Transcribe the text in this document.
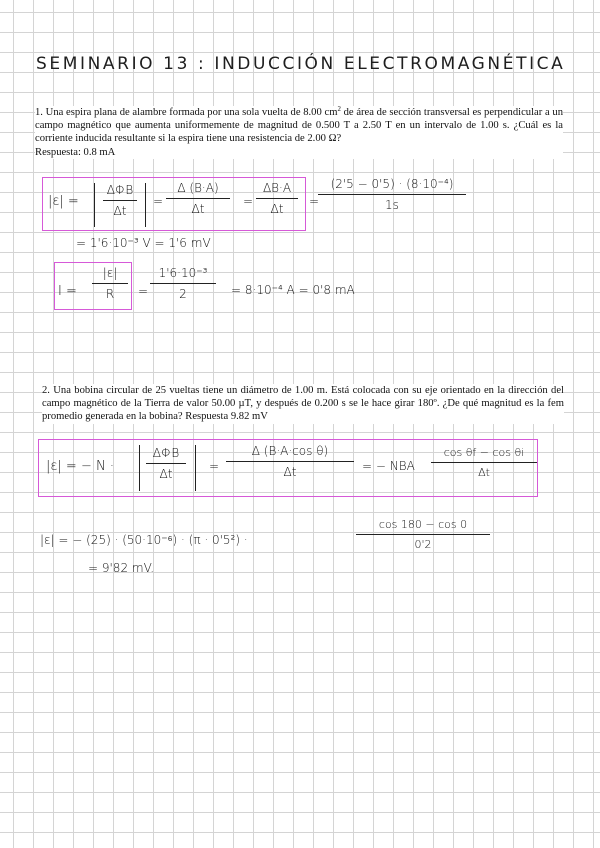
SEMINARIO 13 : INDUCCIÓN ELECTROMAGNÉTICA
1. Una espira plana de alambre formada por una sola vuelta de 8.00 $cm^2$ de área de sección transversal es perpendicular a un campo magnético que aumenta uniformemente de magnitud de 0.500 T a 2.50 T en un intervalo de 1.00 s. ¿Cuál es la corriente inducida resultante si la espira tiene una resistencia de 2.00 Ω?
Respuesta: 0.8 mA
|ε| =
ΔΦB
Δt
=
Δ (B·A)
Δt
=
ΔB·A
Δt
=
(2'5 − 0'5) · (8·10⁻⁴)
1s
= 1'6·10⁻³ V = 1'6 mV
I =
|ε|
R	=
1'6·10⁻³
2	= 8·10⁻⁴ A = 0'8 mA
2. Una bobina circular de 25 vueltas tiene un diámetro de 1.00 m. Está colocada con su eje orientado en la dirección del campo magnético de la Tierra de valor 50.00 µT, y después de 0.200 s se le hace girar 180º. ¿De qué magnitud es la fem promedio generada en la bobina? Respuesta 9.82 mV
|ε| = − N ·
ΔΦB
Δt
=
Δ (B·A·cos θ)
Δt	= − NBA
cos θf − cos θi
Δt
|ε| = − (25) · (50·10⁻⁶) · (π · 0'5²) ·
cos 180 − cos 0
0'2
= 9'82 mV.
